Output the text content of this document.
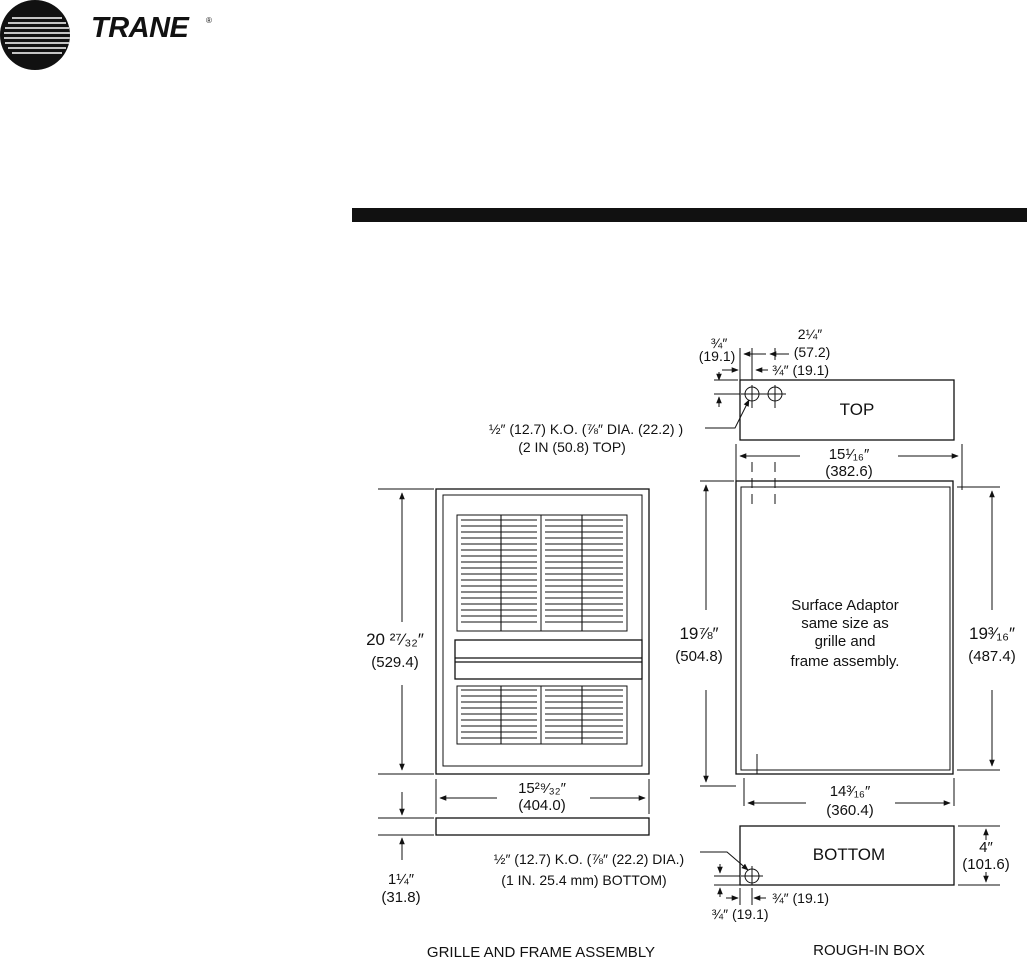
TRANE ®
20 ²⁷⁄₃₂″
(529.4)
15²⁹⁄₃₂″
(404.0)
1¼″
(31.8)
GRILLE AND FRAME ASSEMBLY
TOP
¾″
(19.1)
2¼″
(57.2)
¾″ (19.1)
½″ (12.7) K.O. (⅞″ DIA. (22.2) )
(2 IN (50.8) TOP)	15¹⁄₁₆″
(382.6)
Surface Adaptor
same size as
grille and
frame assembly.
19⅞″
(504.8)
19³⁄₁₆″
(487.4)
14³⁄₁₆″
(360.4)
BOTTOM	4″
(101.6)
½″ (12.7) K.O. (⅞″ (22.2) DIA.)
(1 IN. 25.4 mm) BOTTOM)
¾″ (19.1)
¾″ (19.1)
ROUGH-IN BOX
